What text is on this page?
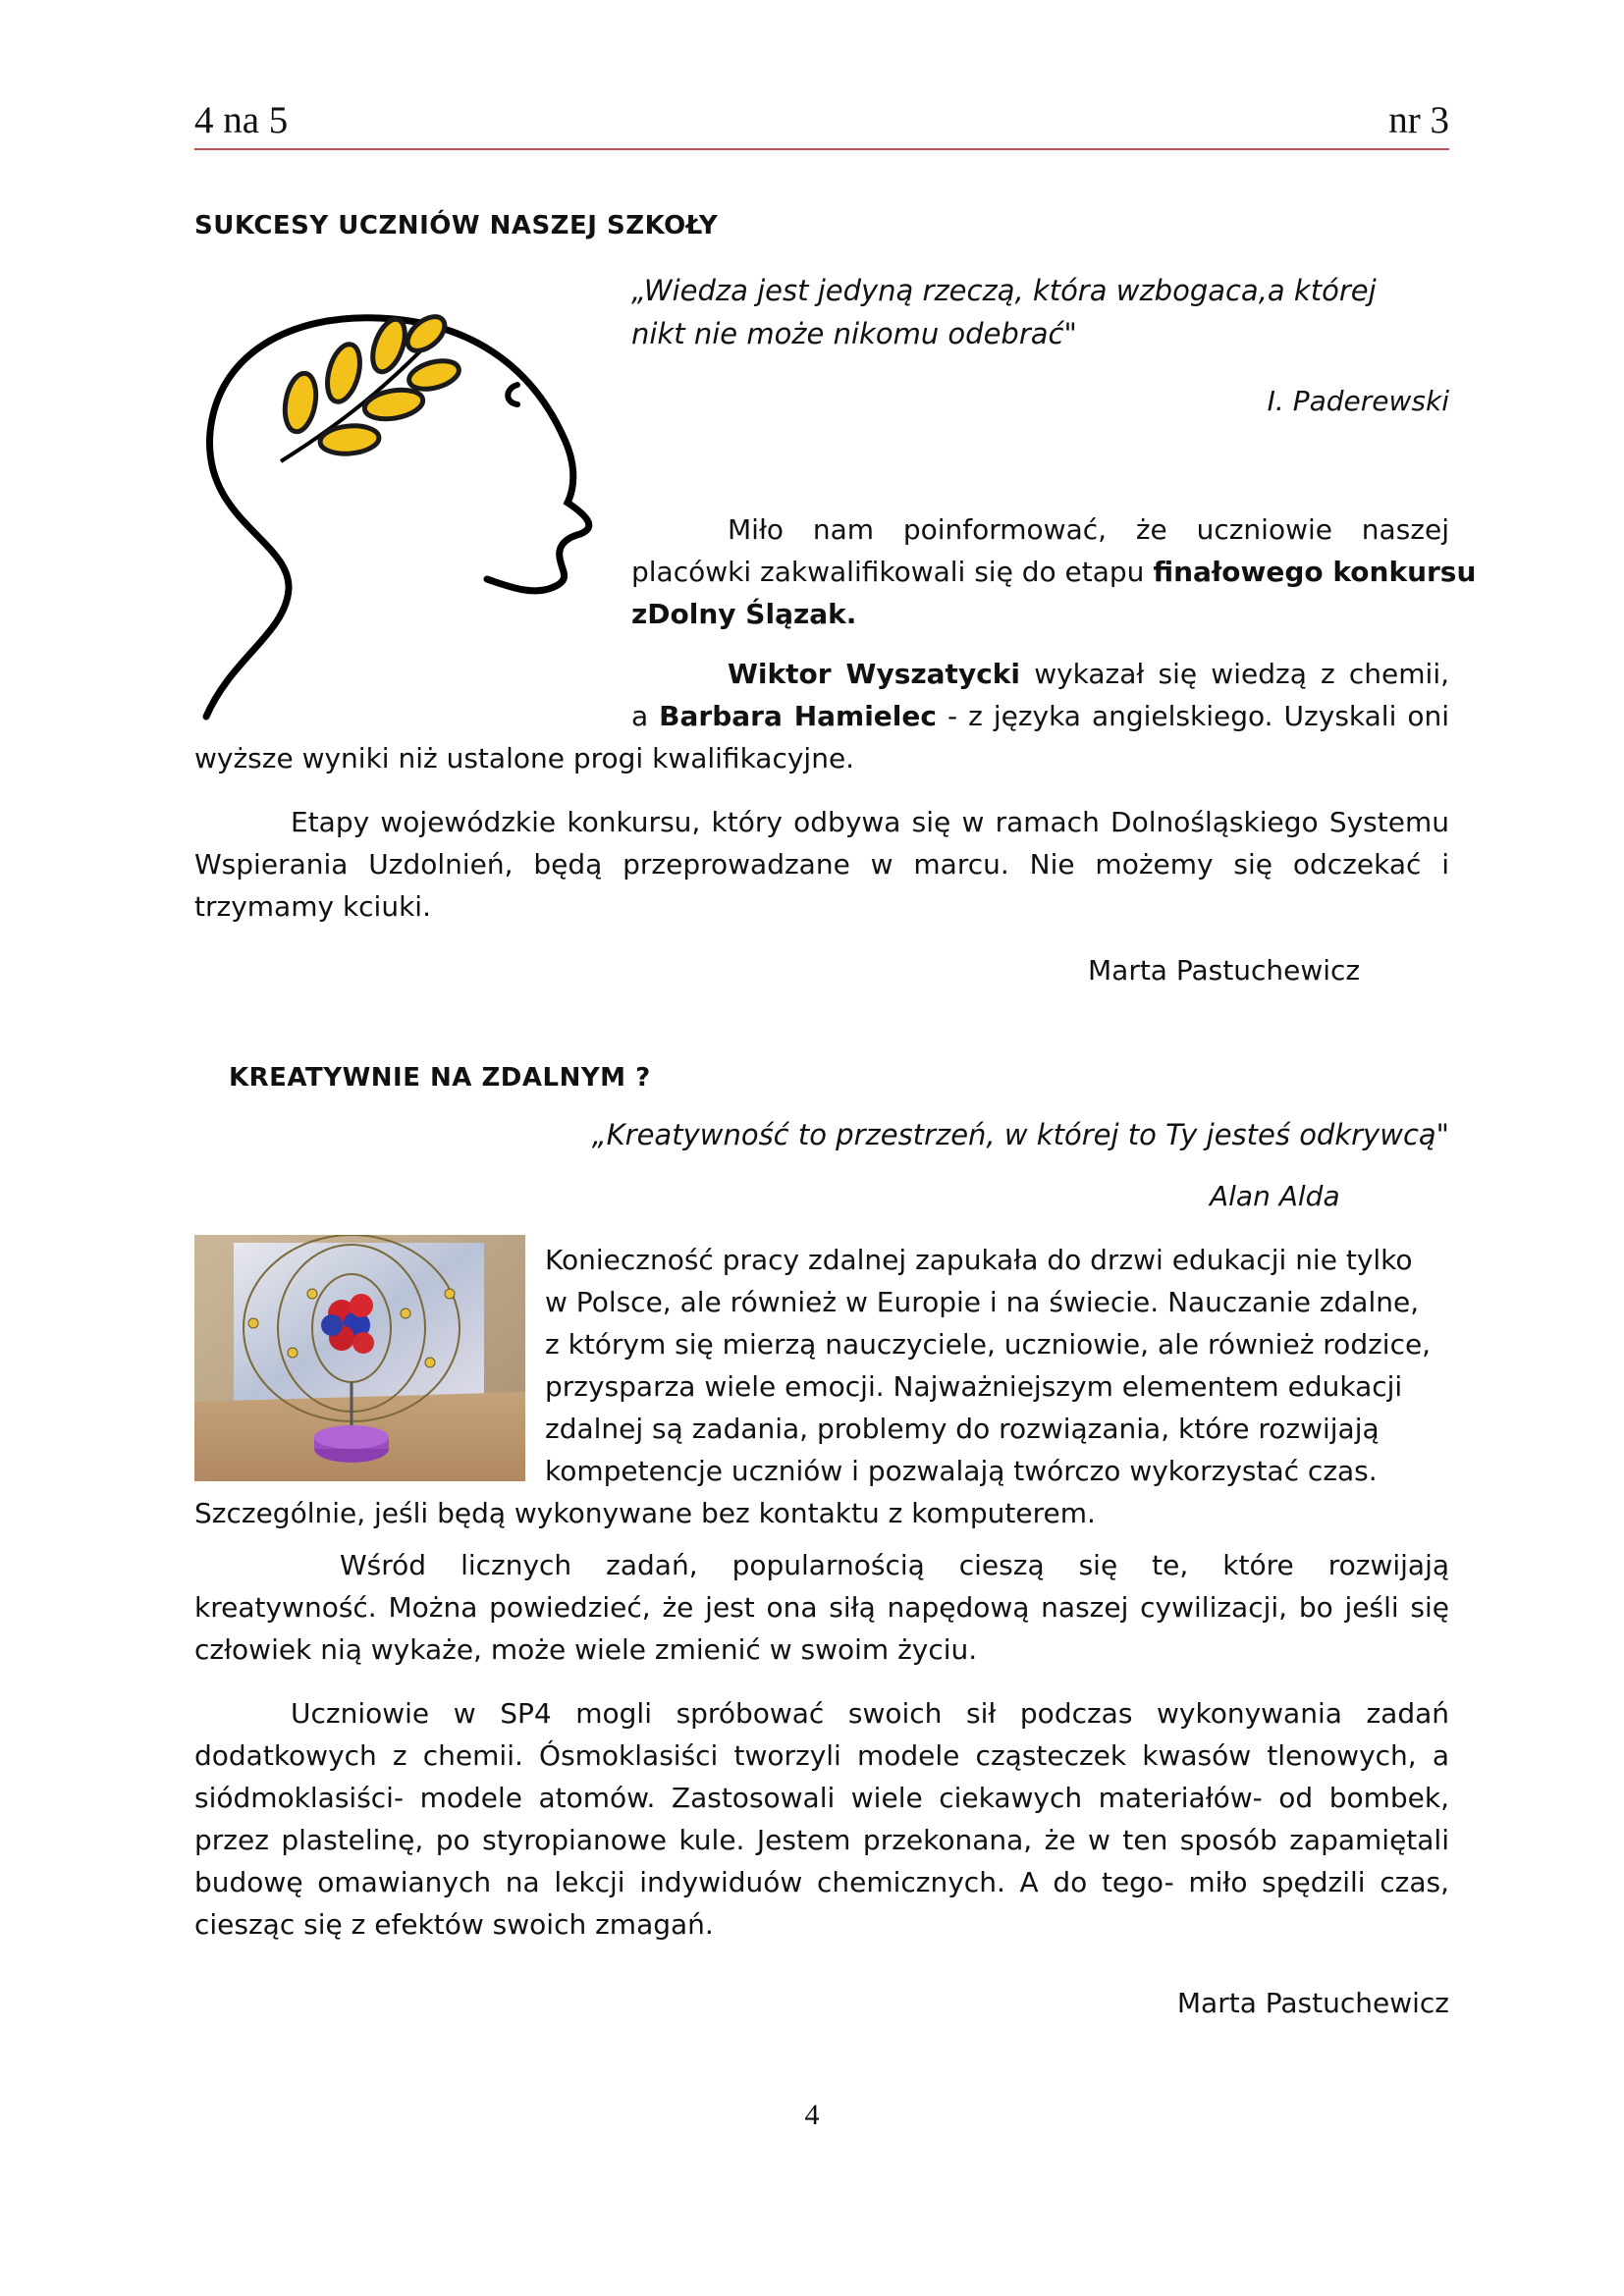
4 na 5	nr 3
SUKCESY UCZNIÓW NASZEJ SZKOŁY
„Wiedza jest jedyną rzeczą, która wzbogaca,a której
nikt nie może nikomu odebrać"
I. Paderewski
Miło nam poinformować, że uczniowie naszej
placówki zakwalifikowali się do etapu finałowego konkursu
zDolny Ślązak.
Wiktor Wyszatycki wykazał się wiedzą z chemii,
a Barbara Hamielec - z języka angielskiego. Uzyskali oni
wyższe wyniki niż ustalone progi kwalifikacyjne.
Etapy wojewódzkie konkursu, który odbywa się w ramach Dolnośląskiego Systemu
Wspierania Uzdolnień, będą przeprowadzane w marcu. Nie możemy się odczekać i
trzymamy kciuki.
Marta Pastuchewicz
KREATYWNIE NA ZDALNYM ?
„Kreatywność to przestrzeń, w której to Ty jesteś odkrywcą"
Alan Alda
Konieczność pracy zdalnej zapukała do drzwi edukacji nie tylko
w Polsce, ale również w Europie i na świecie. Nauczanie zdalne,
z którym się mierzą nauczyciele, uczniowie, ale również rodzice,
przysparza wiele emocji. Najważniejszym elementem edukacji
zdalnej są zadania, problemy do rozwiązania, które rozwijają
kompetencje uczniów i pozwalają twórczo wykorzystać czas.
Szczególnie, jeśli będą wykonywane bez kontaktu z komputerem.
Wśród licznych zadań, popularnością cieszą się te, które rozwijają
kreatywność. Można powiedzieć, że jest ona siłą napędową naszej cywilizacji, bo jeśli się
człowiek nią wykaże, może wiele zmienić w swoim życiu.
Uczniowie w SP4 mogli spróbować swoich sił podczas wykonywania zadań
dodatkowych z chemii. Ósmoklasiści tworzyli modele cząsteczek kwasów tlenowych, a
siódmoklasiści- modele atomów. Zastosowali wiele ciekawych materiałów- od bombek,
przez plastelinę, po styropianowe kule. Jestem przekonana, że w ten sposób zapamiętali
budowę omawianych na lekcji indywiduów chemicznych. A do tego- miło spędzili czas,
ciesząc się z efektów swoich zmagań.
Marta Pastuchewicz
4
